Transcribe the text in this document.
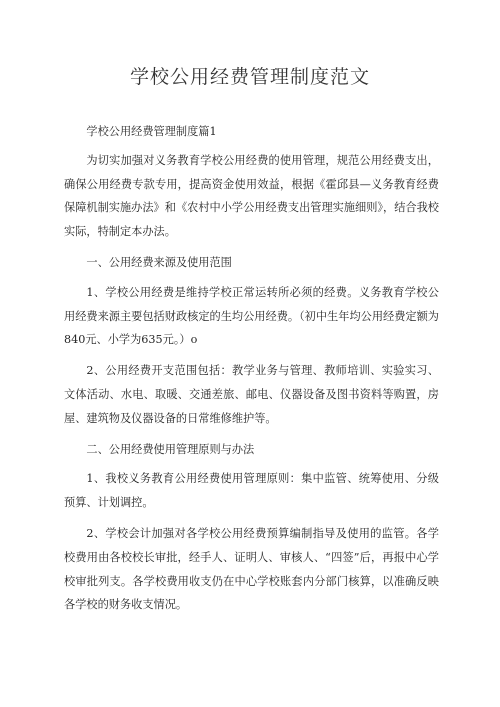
学校公用经费管理制度范文

学校公用经费管理制度篇1

为切实加强对义务教育学校公用经费的使用管理，规范公用经费支出，确保公用经费专款专用，提高资金使用效益，根据《霍邱县—义务教育经费保障机制实施办法》和《农村中小学公用经费支出管理实施细则》，结合我校实际，特制定本办法。

一、公用经费来源及使用范围

1、学校公用经费是维持学校正常运转所必须的经费。义务教育学校公用经费来源主要包括财政核定的生均公用经费。（初中生年均公用经费定额为840元、小学为635元。）o

2、公用经费开支范围包括：教学业务与管理、教师培训、实验实习、文体活动、水电、取暖、交通差旅、邮电、仪器设备及图书资料等购置，房屋、建筑物及仪器设备的日常维修维护等。

二、公用经费使用管理原则与办法

1、我校义务教育公用经费使用管理原则：集中监管、统筹使用、分级预算、计划调控。

2、学校会计加强对各学校公用经费预算编制指导及使用的监管。各学校费用由各校校长审批，经手人、证明人、审核人、“四签”后，再报中心学校审批列支。各学校费用收支仍在中心学校账套内分部门核算，以准确反映各学校的财务收支情况。
